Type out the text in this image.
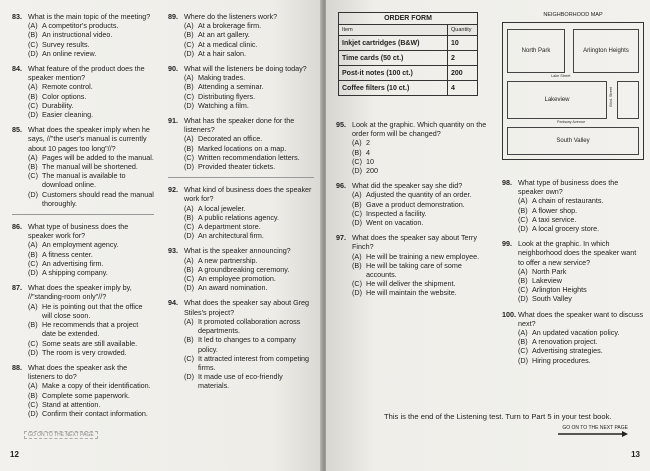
83. What is the main topic of the meeting?
(A) A competitor's products.
(B) An instructional video.
(C) Survey results.
(D) An online review.
84. What feature of the product does the speaker mention?
(A) Remote control.
(B) Color options.
(C) Durability.
(D) Easier cleaning.
85. What does the speaker imply when he says, //"the user's manual is currently about 10 pages too long"//?
(A) Pages will be added to the manual.
(B) The manual will be shortened.
(C) The manual is available to download online.
(D) Customers should read the manual thoroughly.
86. What type of business does the speaker work for?
(A) An employment agency.
(B) A fitness center.
(C) An advertising firm.
(D) A shipping company.
87. What does the speaker imply by, //"standing-room only"//?
(A) He is pointing out that the office will close soon.
(B) He recommends that a project date be extended.
(C) Some seats are still available.
(D) The room is very crowded.
88. What does the speaker ask the listeners to do?
(A) Make a copy of their identification.
(B) Complete some paperwork.
(C) Stand at attention.
(D) Confirm their contact information.
89. Where do the listeners work?
(A) At a brokerage firm.
(B) At an art gallery.
(C) At a medical clinic.
(D) At a hair salon.
90. What will the listeners be doing today?
(A) Making trades.
(B) Attending a seminar.
(C) Distributing flyers.
(D) Watching a film.
91. What has the speaker done for the listeners?
(A) Decorated an office.
(B) Marked locations on a map.
(C) Written recommendation letters.
(D) Provided theater tickets.
92. What kind of business does the speaker work for?
(A) A local jeweler.
(B) A public relations agency.
(C) A department store.
(D) An architectural firm.
93. What is the speaker announcing?
(A) A new partnership.
(B) A groundbreaking ceremony.
(C) An employee promotion.
(D) An award nomination.
94. What does the speaker say about Greg Stiles's project?
(A) It promoted collaboration across departments.
(B) It led to changes to a company policy.
(C) It attracted interest from competing firms.
(D) It made use of eco-friendly materials.
GO ON TO THE NEXT PAGE
12
ORDER FORM
Item	Quantity
Inkjet cartridges (B&W)	10
Time cards (50 ct.)	2
Post-it notes (100 ct.)	200
Coffee filters (10 ct.)	4
NEIGHBORHOOD MAP
North Park	Arlington Heights
Lake Street
Lakeview	Blvd. Street
Parkway Avenue
South Valley
95. Look at the graphic. Which quantity on the order form will be changed?
(A) 2
(B) 4
(C) 10
(D) 200
96. What did the speaker say she did?
(A) Adjusted the quantity of an order.
(B) Gave a product demonstration.
(C) Inspected a facility.
(D) Went on vacation.
97. What does the speaker say about Terry Finch?
(A) He will be training a new employee.
(B) He will be taking care of some accounts.
(C) He will deliver the shipment.
(D) He will maintain the website.
98. What type of business does the speaker own?
(A) A chain of restaurants.
(B) A flower shop.
(C) A taxi service.
(D) A local grocery store.
99. Look at the graphic. In which neighborhood does the speaker want to offer a new service?
(A) North Park
(B) Lakeview
(C) Arlington Heights
(D) South Valley
100. What does the speaker want to discuss next?
(A) An updated vacation policy.
(B) A renovation project.
(C) Advertising strategies.
(D) Hiring procedures.
This is the end of the Listening test. Turn to Part 5 in your test book.
GO ON TO THE NEXT PAGE
13
